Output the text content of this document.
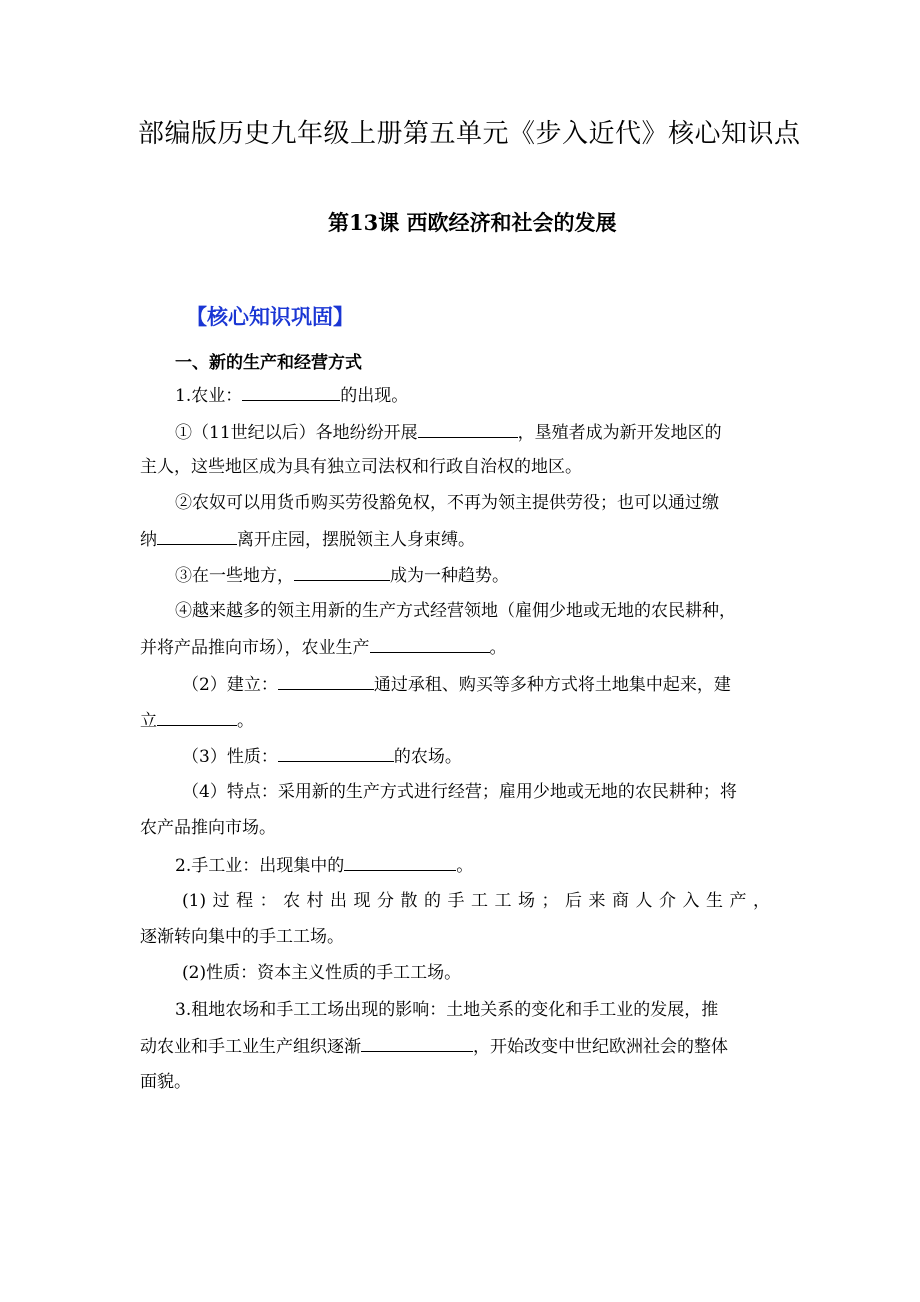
部编版历史九年级上册第五单元《步入近代》核心知识点
第13课 西欧经济和社会的发展
【核心知识巩固】
一、新的生产和经营方式
1.农业：	的出现。
①（11世纪以后）各地纷纷开展	，垦殖者成为新开发地区的
主人，这些地区成为具有独立司法权和行政自治权的地区。
②农奴可以用货币购买劳役豁免权，不再为领主提供劳役；也可以通过缴
纳	离开庄园，摆脱领主人身束缚。
③在一些地方，	成为一种趋势。
④越来越多的领主用新的生产方式经营领地（雇佣少地或无地的农民耕种，
并将产品推向市场），农业生产	。
（2）建立：	通过承租、购买等多种方式将土地集中起来，建
立	。
（3）性质：	的农场。
（4）特点：采用新的生产方式进行经营；雇用少地或无地的农民耕种；将
农产品推向市场。
2.手工业：出现集中的	。
(1)过程：农村出现分散的手工工场；后来商人介入生产，
逐渐转向集中的手工工场。
(2)性质：资本主义性质的手工工场。
3.租地农场和手工工场出现的影响：土地关系的变化和手工业的发展，推
动农业和手工业生产组织逐渐	，开始改变中世纪欧洲社会的整体
面貌。
